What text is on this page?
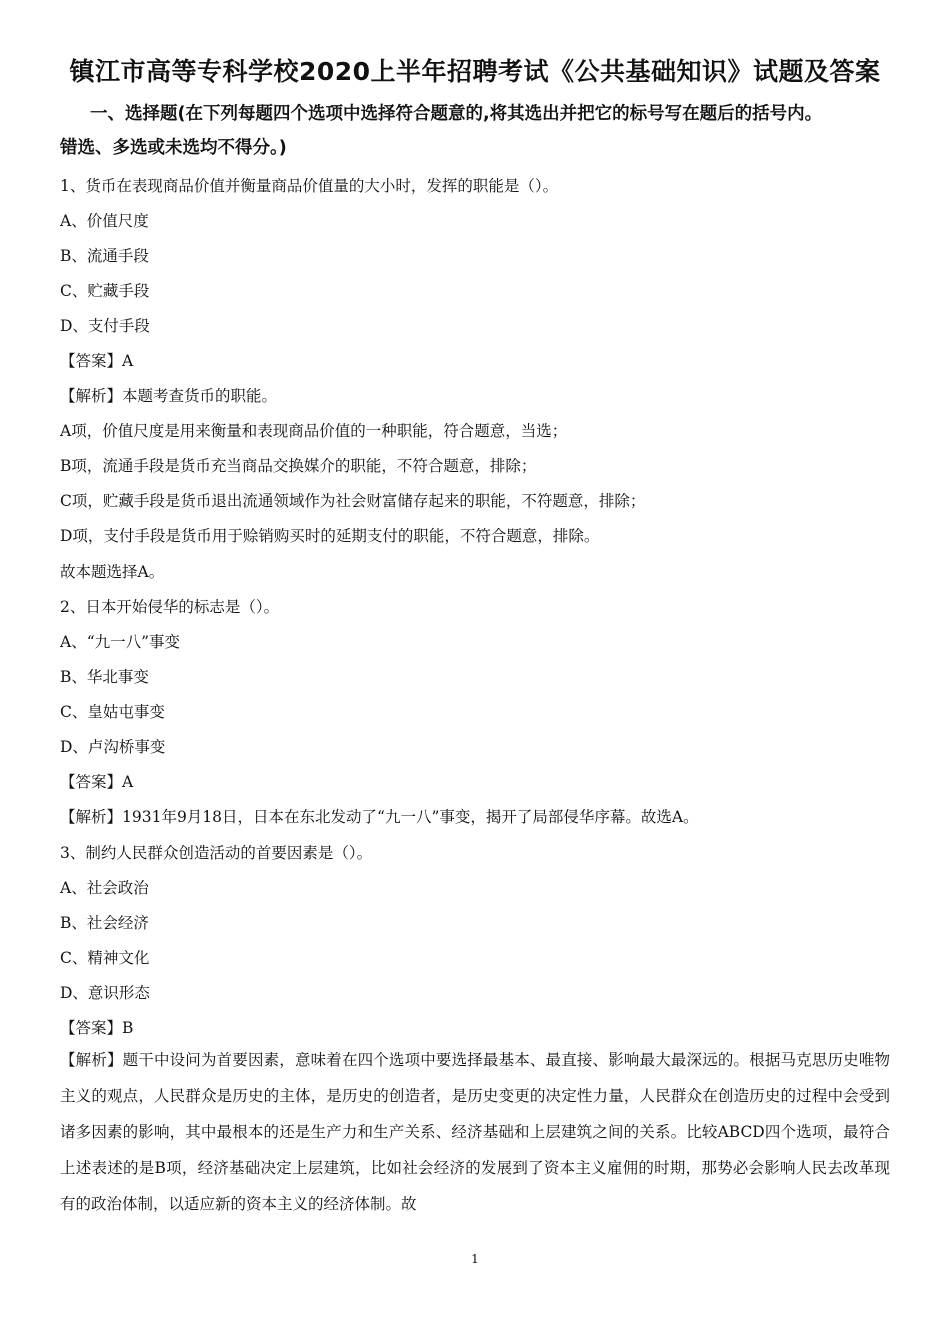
镇江市高等专科学校2020上半年招聘考试《公共基础知识》试题及答案
一、选择题(在下列每题四个选项中选择符合题意的,将其选出并把它的标号写在题后的括号内。
错选、多选或未选均不得分。)
1、货币在表现商品价值并衡量商品价值量的大小时，发挥的职能是（）。
A、价值尺度
B、流通手段
C、贮藏手段
D、支付手段
【答案】A
【解析】本题考查货币的职能。
A项，价值尺度是用来衡量和表现商品价值的一种职能，符合题意，当选；
B项，流通手段是货币充当商品交换媒介的职能，不符合题意，排除；
C项，贮藏手段是货币退出流通领域作为社会财富储存起来的职能，不符题意，排除；
D项，支付手段是货币用于赊销购买时的延期支付的职能，不符合题意，排除。
故本题选择A。
2、日本开始侵华的标志是（）。
A、“九一八”事变
B、华北事变
C、皇姑屯事变
D、卢沟桥事变
【答案】A
【解析】1931年9月18日，日本在东北发动了“九一八”事变，揭开了局部侵华序幕。故选A。
3、制约人民群众创造活动的首要因素是（）。
A、社会政治
B、社会经济
C、精神文化
D、意识形态
【答案】B
【解析】题干中设问为首要因素，意味着在四个选项中要选择最基本、最直接、影响最大最深远的。根据马克思历史唯物主义的观点，人民群众是历史的主体，是历史的创造者，是历史变更的决定性力量，人民群众在创造历史的过程中会受到诸多因素的影响，其中最根本的还是生产力和生产关系、经济基础和上层建筑之间的关系。比较ABCD四个选项，最符合上述表述的是B项，经济基础决定上层建筑，比如社会经济的发展到了资本主义雇佣的时期，那势必会影响人民去改革现有的政治体制，以适应新的资本主义的经济体制。故
1
